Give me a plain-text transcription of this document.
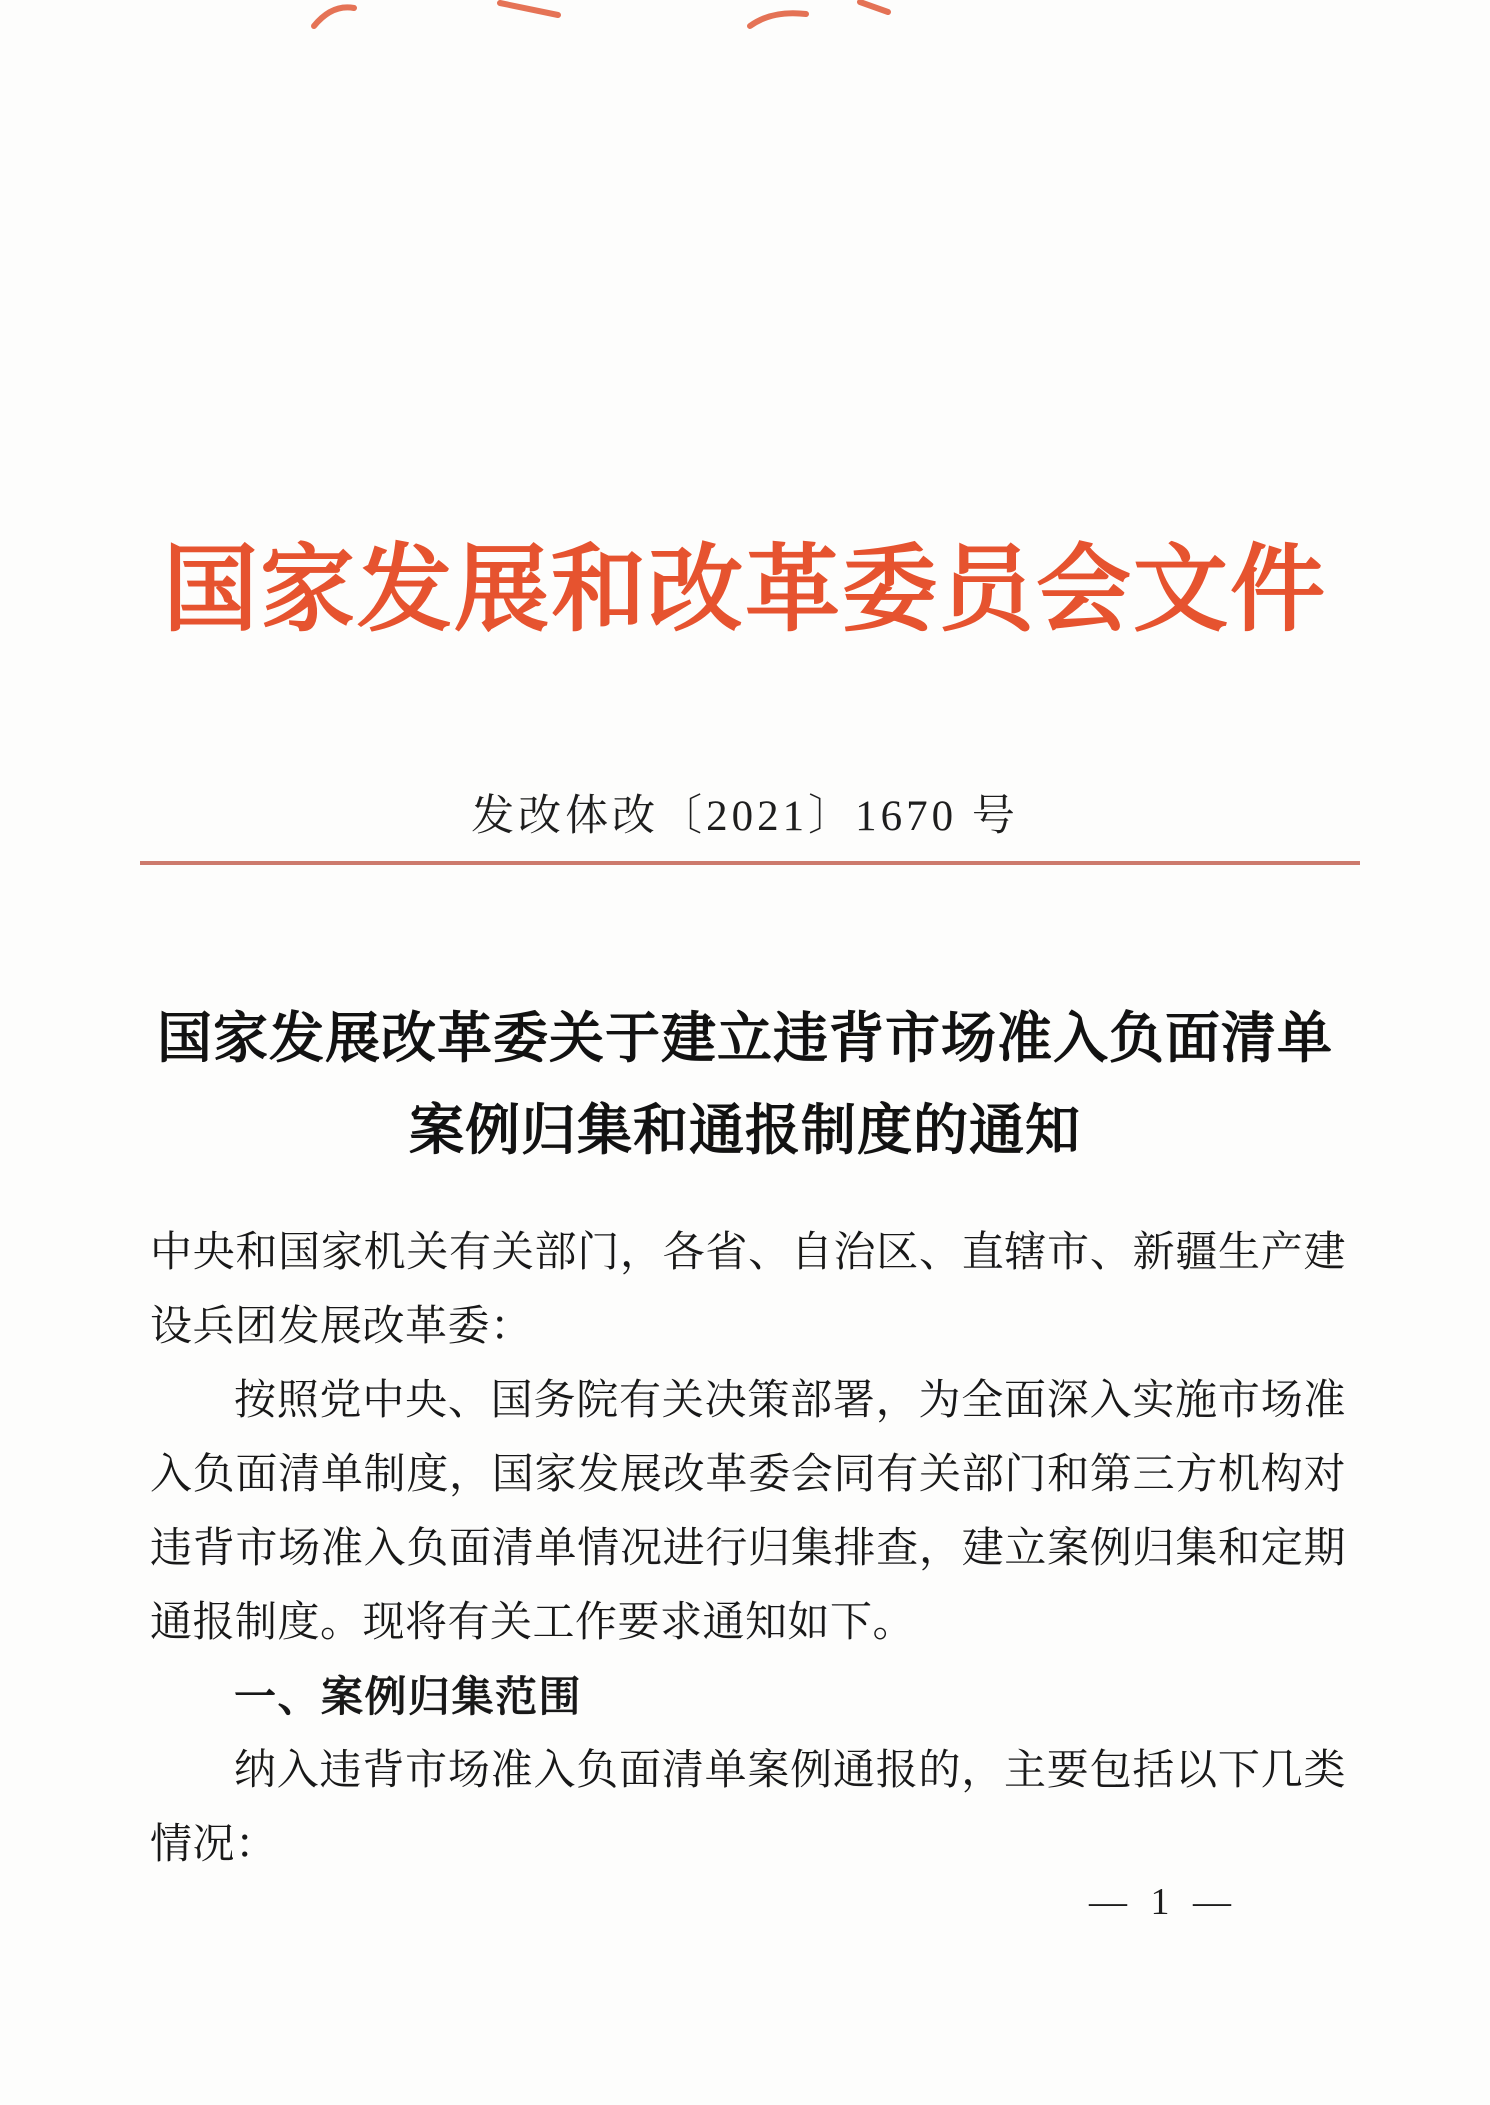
国家发展和改革委员会文件
发改体改〔2021〕1670 号
国家发展改革委关于建立违背市场准入负面清单
案例归集和通报制度的通知
中央和国家机关有关部门，各省、自治区、直辖市、新疆生产建
设兵团发展改革委：
按照党中央、国务院有关决策部署，为全面深入实施市场准
入负面清单制度，国家发展改革委会同有关部门和第三方机构对
违背市场准入负面清单情况进行归集排查，建立案例归集和定期
通报制度。现将有关工作要求通知如下。
一、案例归集范围
纳入违背市场准入负面清单案例通报的，主要包括以下几类
情况：
— 1 —
